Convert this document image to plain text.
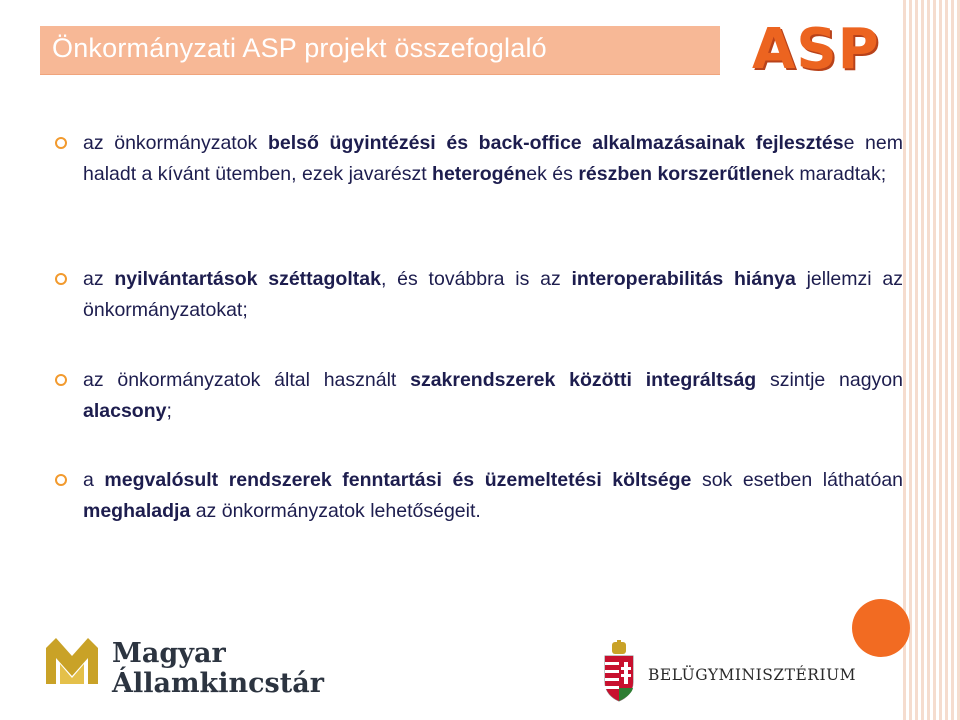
Önkormányzati ASP projekt összefoglaló	ASP
az önkormányzatok belső ügyintézési és back-office alkalmazásainak fejlesztése nem haladt a kívánt ütemben, ezek javarészt heterogének és részben korszerűtlenek maradtak;
az nyilvántartások széttagoltak, és továbbra is az interoperabilitás hiánya jellemzi az önkormányzatokat;
az önkormányzatok által használt szakrendszerek közötti integráltság szintje nagyon alacsony;
a megvalósult rendszerek fenntartási és üzemeltetési költsége sok esetben láthatóan meghaladja az önkormányzatok lehetőségeit.
Magyar
Államkincstár	BELÜGYMINISZTÉRIUM
